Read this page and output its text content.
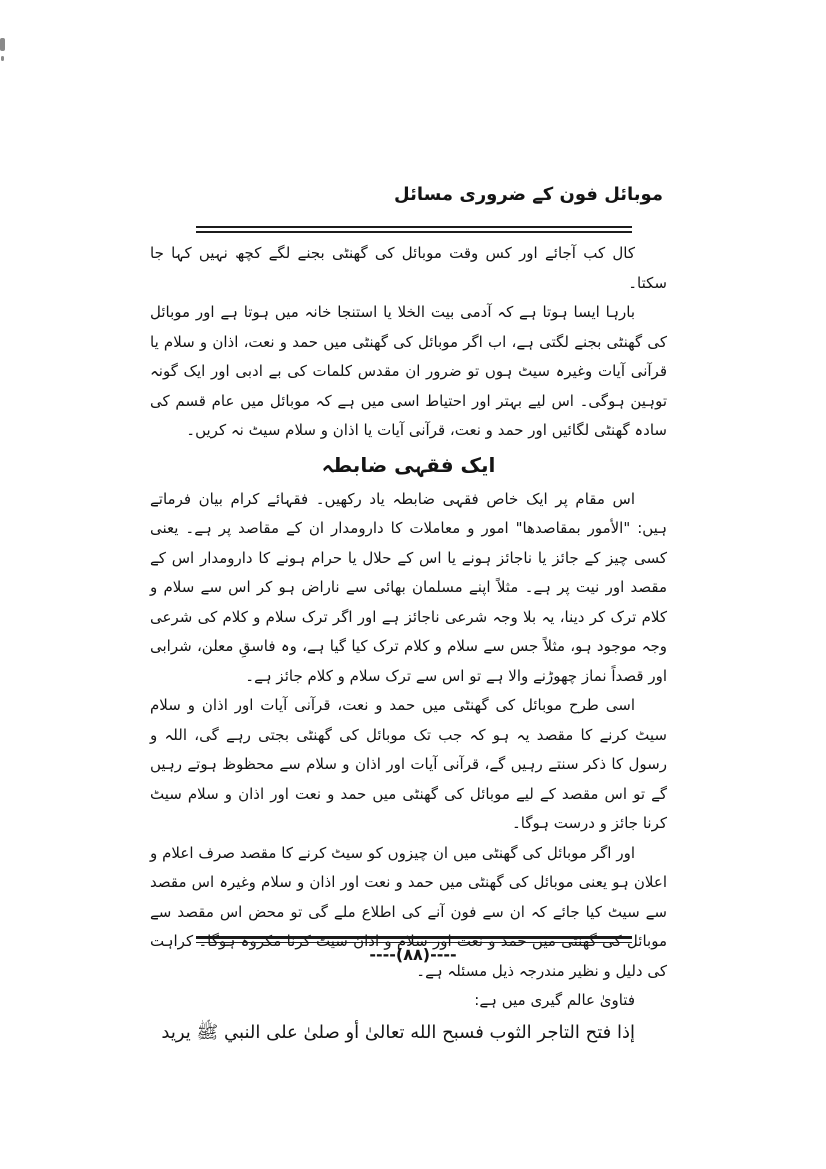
موبائل فون کے ضروری مسائل

کال کب آجائے اور کس وقت موبائل کی گھنٹی بجنے لگے کچھ نہیں کہا جا سکتا۔

بارہا ایسا ہوتا ہے کہ آدمی بیت الخلا یا استنجا خانہ میں ہوتا ہے اور موبائل کی گھنٹی بجنے لگتی ہے، اب اگر موبائل کی گھنٹی میں حمد و نعت، اذان و سلام یا قرآنی آیات وغیرہ سیٹ ہوں تو ضرور ان مقدس کلمات کی بے ادبی اور ایک گونہ توہین ہوگی۔ اس لیے بہتر اور احتیاط اسی میں ہے کہ موبائل میں عام قسم کی سادہ گھنٹی لگائیں اور حمد و نعت، قرآنی آیات یا اذان و سلام سیٹ نہ کریں۔

ایک فقہی ضابطہ

اس مقام پر ایک خاص فقہی ضابطہ یاد رکھیں۔ فقہائے کرام بیان فرماتے ہیں: "الأمور بمقاصدها" امور و معاملات کا دارومدار ان کے مقاصد پر ہے۔ یعنی کسی چیز کے جائز یا ناجائز ہونے یا اس کے حلال یا حرام ہونے کا دارومدار اس کے مقصد اور نیت پر ہے۔ مثلاً اپنے مسلمان بھائی سے ناراض ہو کر اس سے سلام و کلام ترک کر دینا، یہ بلا وجہ شرعی ناجائز ہے اور اگر ترک سلام و کلام کی شرعی وجہ موجود ہو، مثلاً جس سے سلام و کلام ترک کیا گیا ہے، وہ فاسقِ معلن، شرابی اور قصداً نماز چھوڑنے والا ہے تو اس سے ترک سلام و کلام جائز ہے۔

اسی طرح موبائل کی گھنٹی میں حمد و نعت، قرآنی آیات اور اذان و سلام سیٹ کرنے کا مقصد یہ ہو کہ جب تک موبائل کی گھنٹی بجتی رہے گی، اللہ و رسول کا ذکر سنتے رہیں گے، قرآنی آیات اور اذان و سلام سے محظوظ ہوتے رہیں گے تو اس مقصد کے لیے موبائل کی گھنٹی میں حمد و نعت اور اذان و سلام سیٹ کرنا جائز و درست ہوگا۔

اور اگر موبائل کی گھنٹی میں ان چیزوں کو سیٹ کرنے کا مقصد صرف اعلام و اعلان ہو یعنی موبائل کی گھنٹی میں حمد و نعت اور اذان و سلام وغیرہ اس مقصد سے سیٹ کیا جائے کہ ان سے فون آنے کی اطلاع ملے گی تو محض اس مقصد سے موبائل کی گھنٹی میں حمد و نعت اور سلام و اذان سیٹ کرنا مکروہ ہوگا۔ کراہت کی دلیل و نظیر مندرجہ ذیل مسئلہ ہے۔

فتاویٰ عالم گیری میں ہے:

إذا فتح التاجر الثوب فسبح الله تعالىٰ أو صلىٰ على النبي ﷺ يريد

----(۸۸)----
